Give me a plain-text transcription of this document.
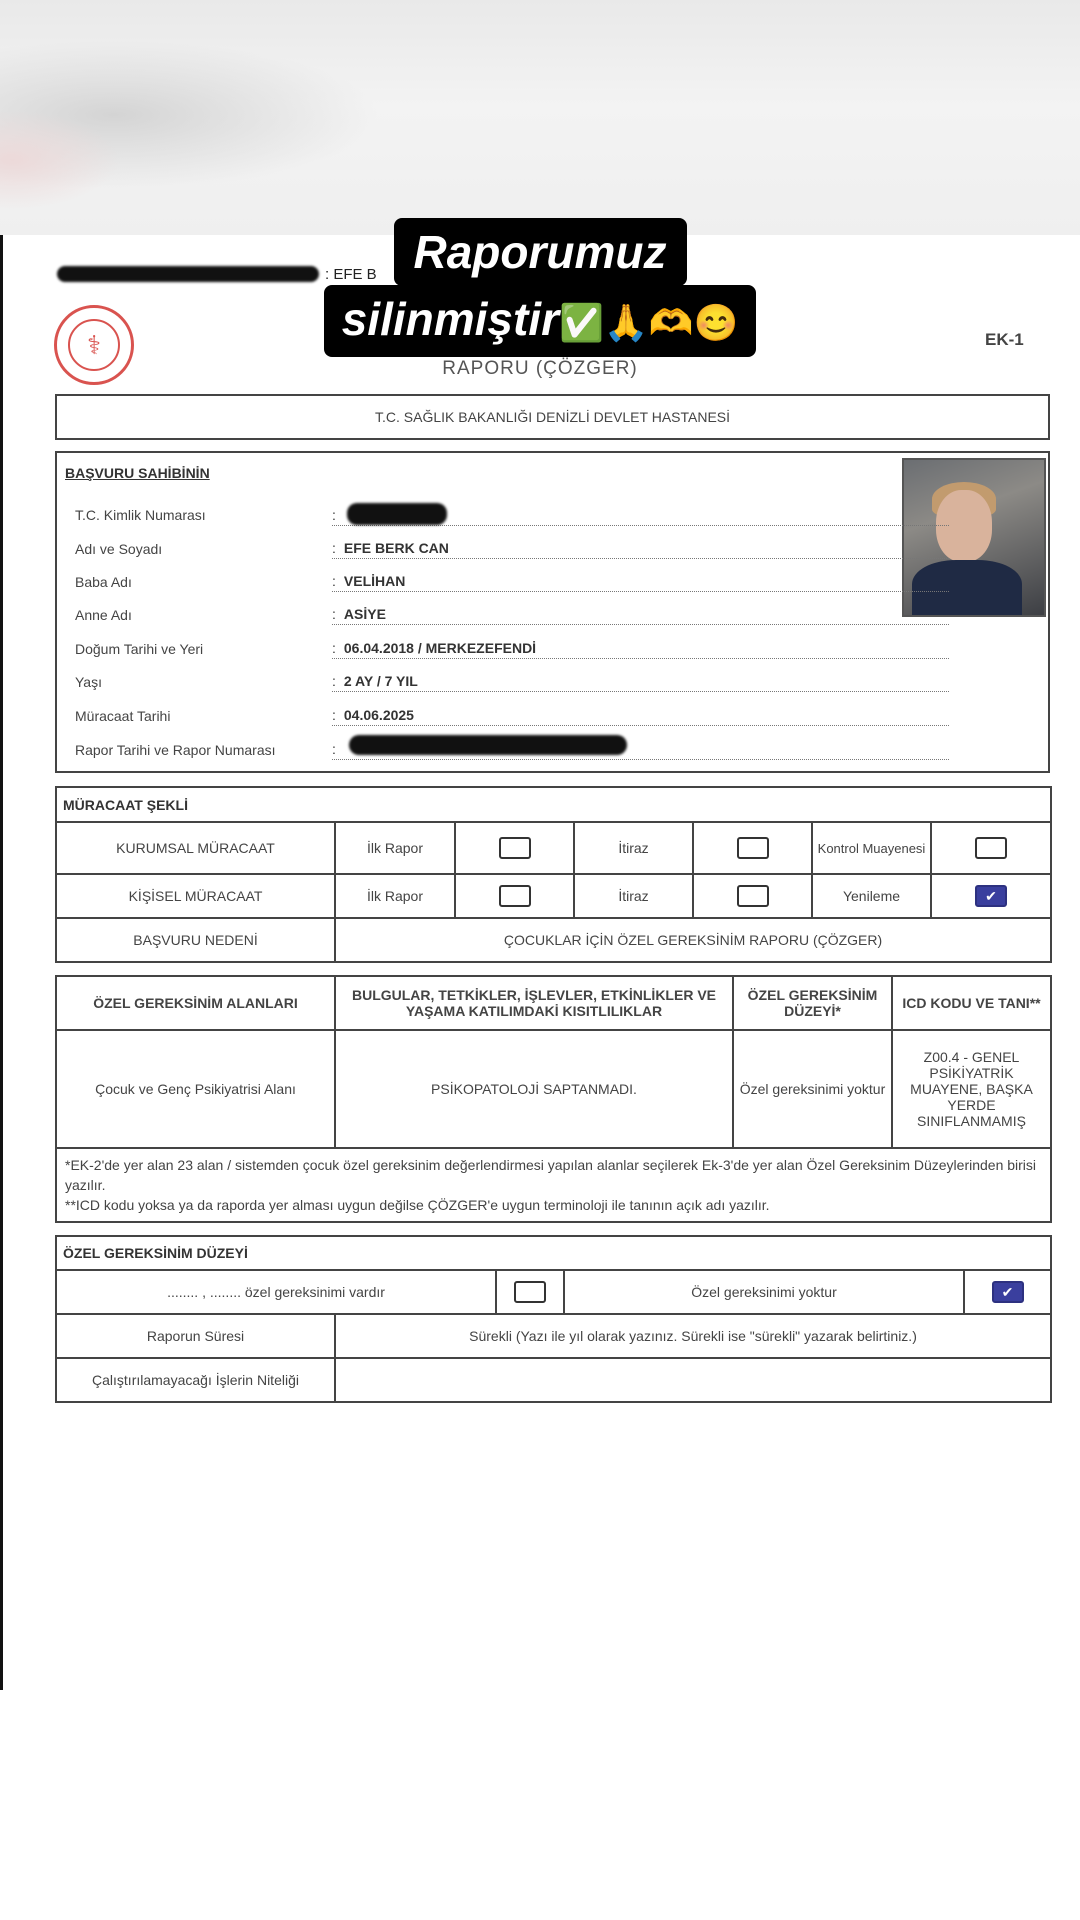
: EFE B
⚕	EK-1
RAPORU (ÇÖZGER)
T.C. SAĞLIK BAKANLIĞI DENİZLİ DEVLET HASTANESİ
BAŞVURU SAHİBİNİN
T.C. Kimlik Numarası	:
Adı ve Soyadı	: EFE BERK CAN
Baba Adı	: VELİHAN
Anne Adı	: ASİYE
Doğum Tarihi ve Yeri	: 06.04.2018 / MERKEZEFENDİ
Yaşı	: 2 AY / 7 YIL
Müracaat Tarihi	: 04.06.2025
Rapor Tarihi ve Rapor Numarası	:
MÜRACAAT ŞEKLİ						
KURUMSAL MÜRACAAT	İlk Rapor		İtiraz		Kontrol Muayenesi	
KİŞİSEL MÜRACAAT	İlk Rapor		İtiraz		Yenileme	✔
BAŞVURU NEDENİ	ÇOCUKLAR İÇİN ÖZEL GEREKSİNİM RAPORU (ÇÖZGER)					
ÖZEL GEREKSİNİM ALANLARI	BULGULAR, TETKİKLER, İŞLEVLER, ETKİNLİKLER VE YAŞAMA KATILIMDAKİ KISITLILIKLAR	ÖZEL GEREKSİNİM DÜZEYİ*	ICD KODU VE TANI**
Çocuk ve Genç Psikiyatrisi Alanı	PSİKOPATOLOJİ SAPTANMADI.	Özel gereksinimi yoktur	Z00.4 - GENEL PSİKİYATRİK MUAYENE, BAŞKA YERDE SINIFLANMAMIŞ

*EK-2'de yer alan 23 alan / sistemden çocuk özel gereksinim değerlendirmesi yapılan alanlar seçilerek Ek-3'de yer alan Özel Gereksinim Düzeylerinden birisi yazılır.
**ICD kodu yoksa ya da raporda yer alması uygun değilse ÇÖZGER'e uygun terminoloji ile tanının açık adı yazılır.			
ÖZEL GEREKSİNİM DÜZEYİ				
........ , ........ özel gereksinimi vardır			Özel gereksinimi yoktur	✔
Raporun Süresi	Sürekli (Yazı ile yıl olarak yazınız. Sürekli ise "sürekli" yazarak belirtiniz.)			
Çalıştırılamayacağı İşlerin Niteliği				
Raporumuz
silinmiştir✅🙏🫶😊
